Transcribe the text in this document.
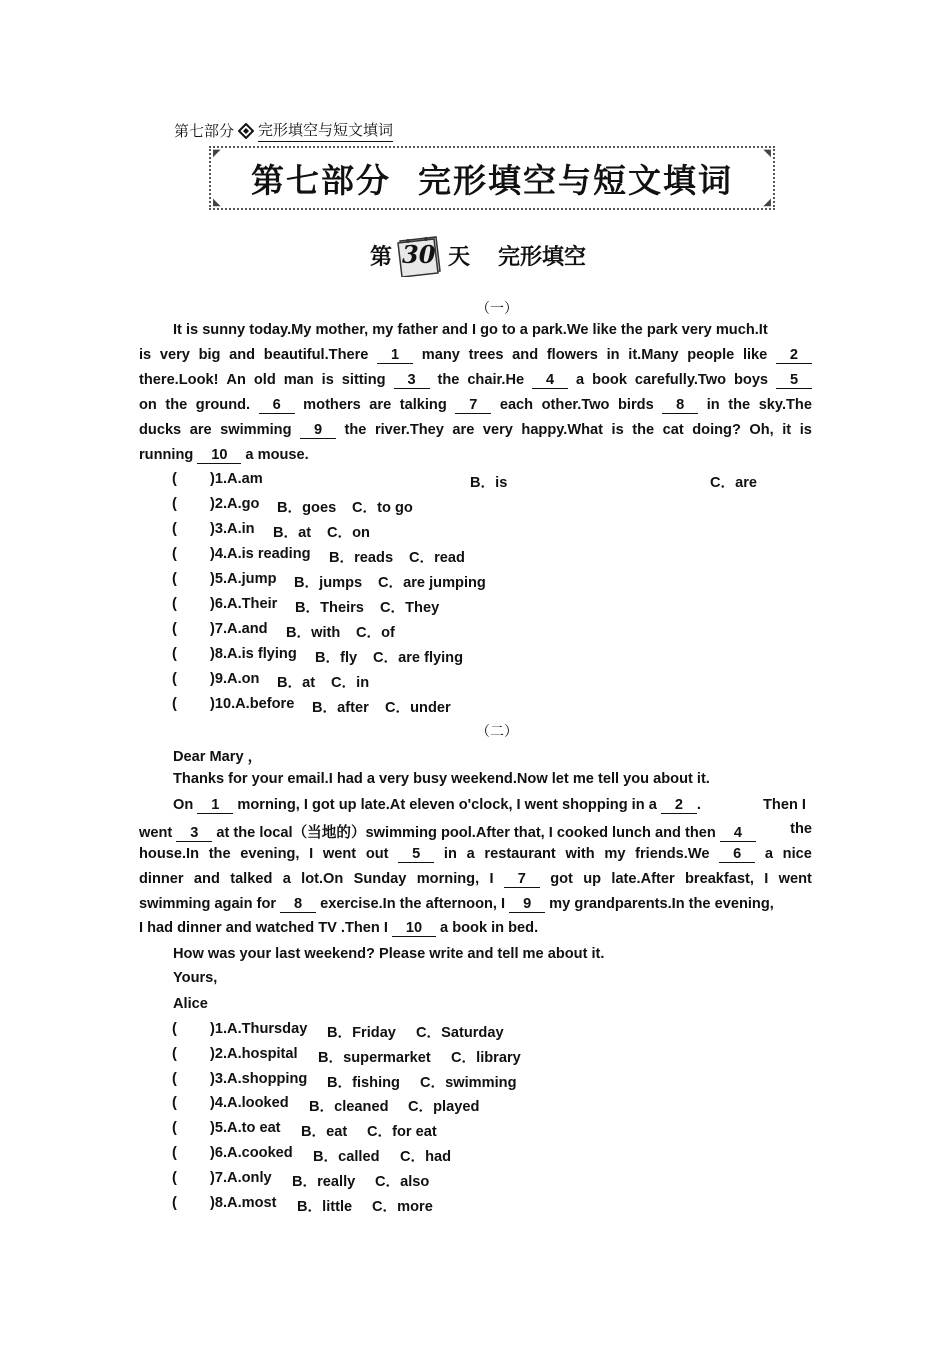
第七部分 完形填空与短文填词
◤	◥
◣	◢
第七部分  完形填空与短文填词
第 30 天 完形填空
（一）
It is sunny today.My mother, my father and I go to a park.We like the park very much.It
is very big and beautiful.There	1	many trees and flowers in it.Many people like	2
there.Look! An old man is sitting	3	the chair.He	4	a book carefully.Two boys	5
on the ground.	6	mothers are talking	7	each other.Two birds	8	in the sky.The
ducks are swimming	9	the river.They are very happy.What is the cat doing? Oh, it is
running 10 a mouse.
( )1.A.am	B．is	C．are
( )2.A.go B．goes C．to go
( )3.A.in B．at C．on
( )4.A.is reading B．reads C．read
( )5.A.jump B．jumps C．are jumping
( )6.A.Their B．Theirs C．They
( )7.A.and B．with C．of
( )8.A.is flying B．fly C．are flying
( )9.A.on B．at C．in
( )10.A.before B．after C．under
（二）
Dear Mary ，
Thanks for your email.I had a very busy weekend.Now let me tell you about it.
On 1 morning, I got up late.At eleven o'clock, I went shopping in a 2 .	Then I
went 3 at the local（当地的）swimming pool.After that, I cooked lunch and then 4	the
house.In the evening, I went out	5	in a restaurant with my friends.We	6	a nice
dinner and talked a lot.On Sunday morning, I	7	got up late.After breakfast, I went
swimming again for 8 exercise.In the afternoon, I 9 my grandparents.In the evening,
I had dinner and watched TV .Then I 10 a book in bed.
How was your last weekend? Please write and tell me about it.
Yours,
Alice
( )1.A.Thursday B．Friday C．Saturday
( )2.A.hospital B．supermarket C．library
( )3.A.shopping B．fishing C．swimming
( )4.A.looked B．cleaned C．played
( )5.A.to eat B．eat C．for eat
( )6.A.cooked B．called C．had
( )7.A.only B．really C．also
( )8.A.most B．little C．more
